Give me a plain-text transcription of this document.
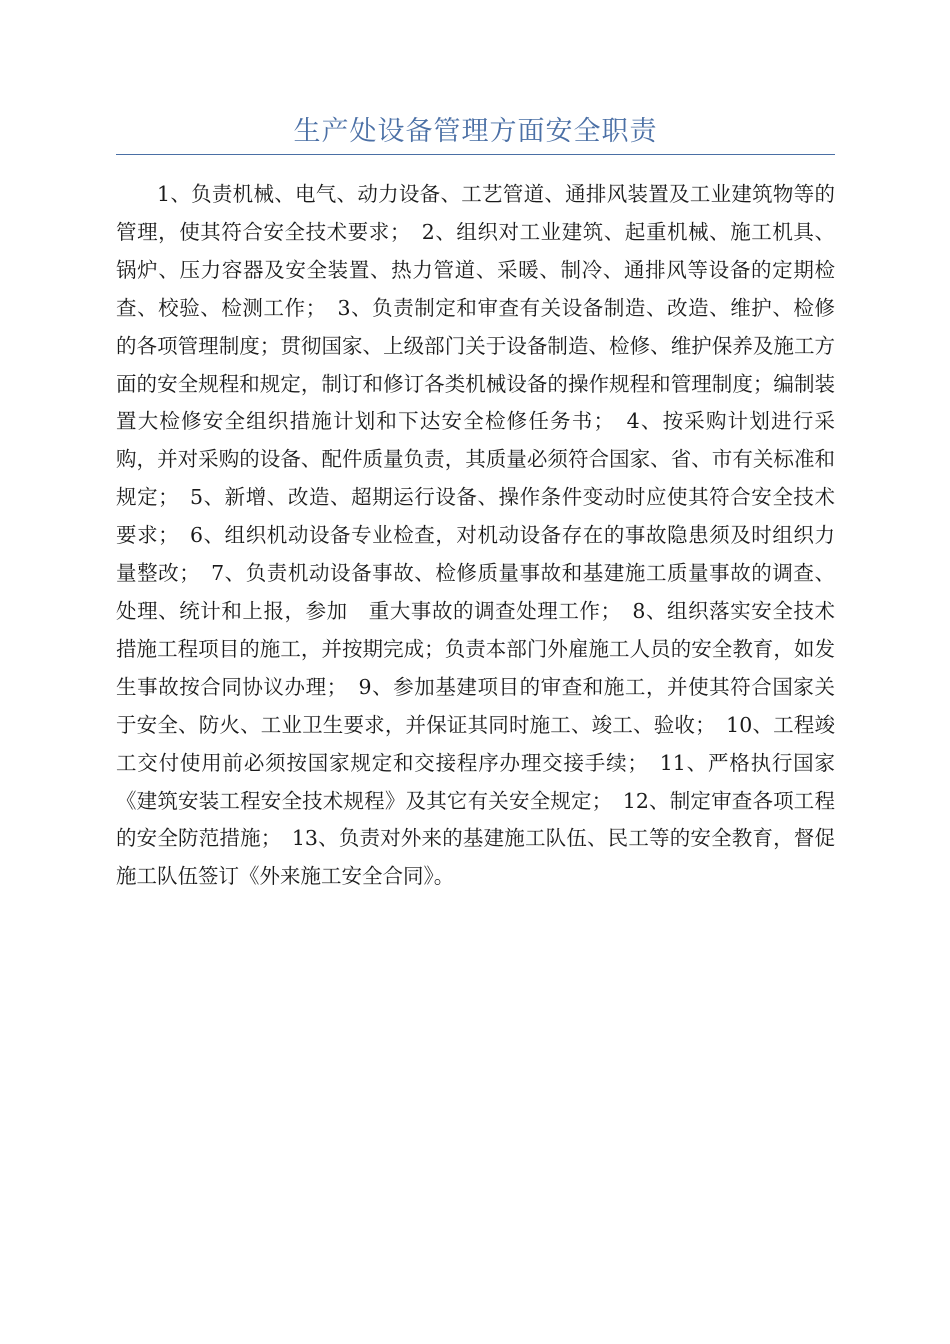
生产处设备管理方面安全职责

1、负责机械、电气、动力设备、工艺管道、通排风装置及工业建筑物等的管理，使其符合安全技术要求；　2、组织对工业建筑、起重机械、施工机具、锅炉、压力容器及安全装置、热力管道、采暖、制冷、通排风等设备的定期检查、校验、检测工作；　3、负责制定和审查有关设备制造、改造、维护、检修的各项管理制度；贯彻国家、上级部门关于设备制造、检修、维护保养及施工方面的安全规程和规定，制订和修订各类机械设备的操作规程和管理制度；编制装置大检修安全组织措施计划和下达安全检修任务书；　4、按采购计划进行采购，并对采购的设备、配件质量负责，其质量必须符合国家、省、市有关标准和规定；　5、新增、改造、超期运行设备、操作条件变动时应使其符合安全技术要求；　6、组织机动设备专业检查，对机动设备存在的事故隐患须及时组织力量整改；　7、负责机动设备事故、检修质量事故和基建施工质量事故的调查、处理、统计和上报，参加　重大事故的调查处理工作；　8、组织落实安全技术措施工程项目的施工，并按期完成；负责本部门外雇施工人员的安全教育，如发生事故按合同协议办理；　9、参加基建项目的审查和施工，并使其符合国家关于安全、防火、工业卫生要求，并保证其同时施工、竣工、验收；　10、工程竣工交付使用前必须按国家规定和交接程序办理交接手续；　11、严格执行国家《建筑安装工程安全技术规程》及其它有关安全规定；　12、制定审查各项工程的安全防范措施；　13、负责对外来的基建施工队伍、民工等的安全教育，督促施工队伍签订《外来施工安全合同》。
